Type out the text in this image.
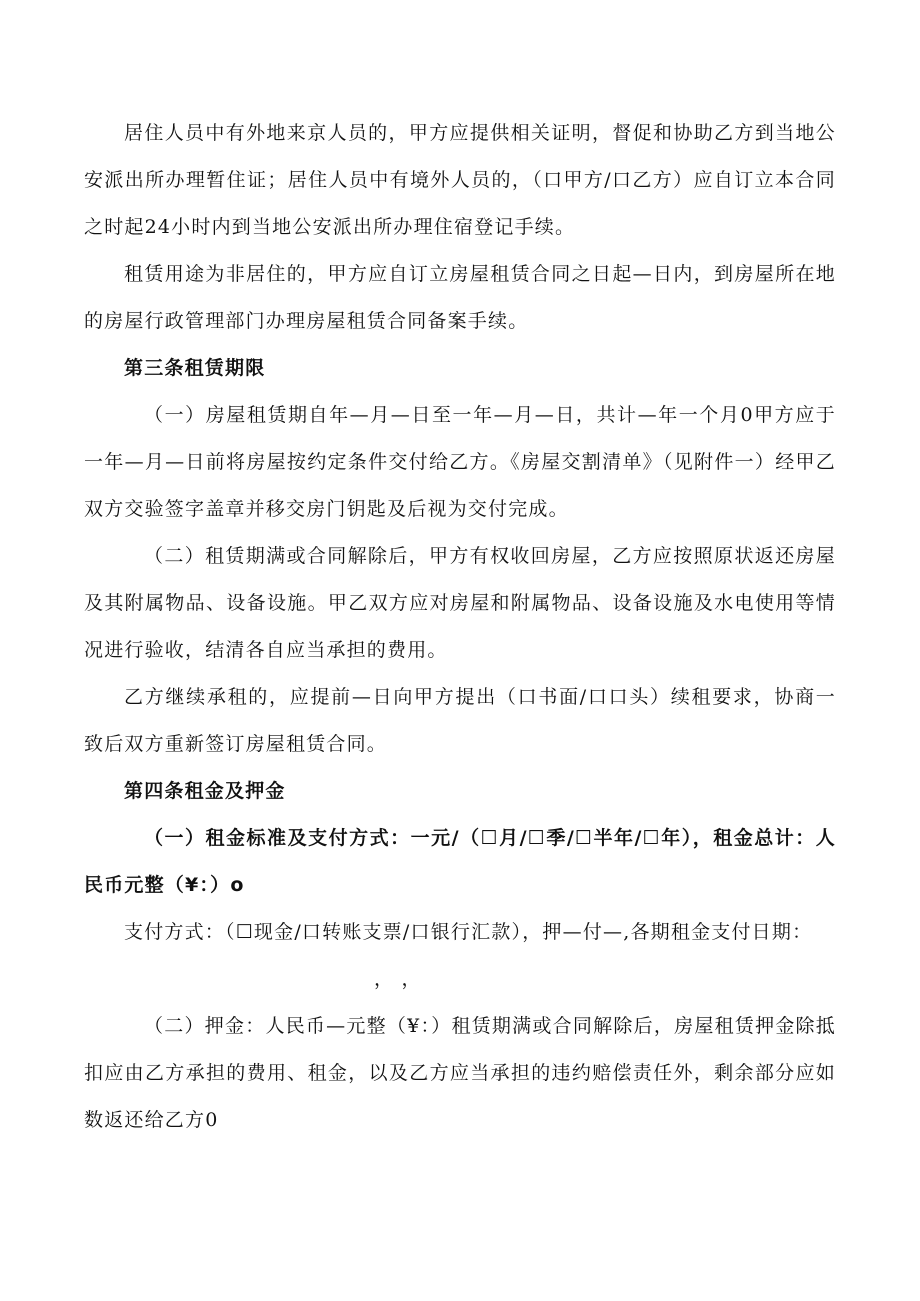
居住人员中有外地来京人员的，甲方应提供相关证明，督促和协助乙方到当地公安派出所办理暂住证；居住人员中有境外人员的，（口甲方/口乙方）应自订立本合同之时起24小时内到当地公安派出所办理住宿登记手续。

租赁用途为非居住的，甲方应自订立房屋租赁合同之日起—日内，到房屋所在地的房屋行政管理部门办理房屋租赁合同备案手续。

第三条租赁期限

（一）房屋租赁期自年—月—日至一年—月—日，共计—年一个月0甲方应于一年—月—日前将房屋按约定条件交付给乙方。《房屋交割清单》（见附件一）经甲乙双方交验签字盖章并移交房门钥匙及后视为交付完成。

（二）租赁期满或合同解除后，甲方有权收回房屋，乙方应按照原状返还房屋及其附属物品、设备设施。甲乙双方应对房屋和附属物品、设备设施及水电使用等情况进行验收，结清各自应当承担的费用。

乙方继续承租的，应提前—日向甲方提出（口书面/口口头）续租要求，协商一致后双方重新签订房屋租赁合同。

第四条租金及押金

（一）租金标准及支付方式：一元/（☐月/☐季/☐半年/☐年），租金总计：人民币元整（¥：）o

支付方式：（☐现金/口转账支票/口银行汇款），押—付—,各期租金支付日期：

， ，

（二）押金：人民币—元整（¥：）租赁期满或合同解除后，房屋租赁押金除抵扣应由乙方承担的费用、租金，以及乙方应当承担的违约赔偿责任外，剩余部分应如数返还给乙方0
